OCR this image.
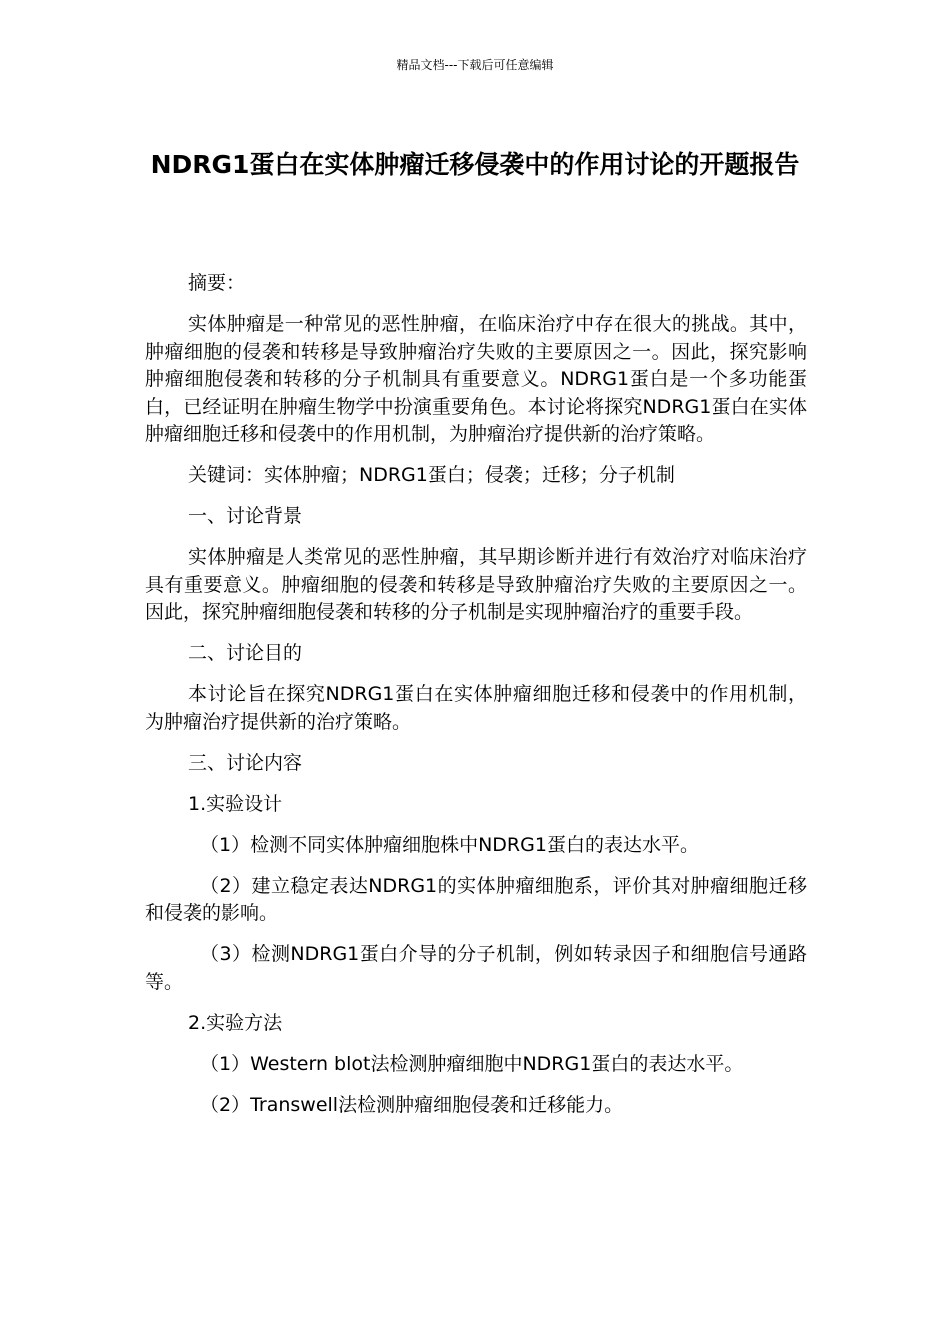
精品文档---下载后可任意编辑
NDRG1蛋白在实体肿瘤迁移侵袭中的作用讨论的开题报告

摘要：

实体肿瘤是一种常见的恶性肿瘤，在临床治疗中存在很大的挑战。其中，肿瘤细胞的侵袭和转移是导致肿瘤治疗失败的主要原因之一。因此，探究影响肿瘤细胞侵袭和转移的分子机制具有重要意义。NDRG1蛋白是一个多功能蛋白，已经证明在肿瘤生物学中扮演重要角色。本讨论将探究NDRG1蛋白在实体肿瘤细胞迁移和侵袭中的作用机制，为肿瘤治疗提供新的治疗策略。

关键词：实体肿瘤；NDRG1蛋白；侵袭；迁移；分子机制

一、讨论背景

实体肿瘤是人类常见的恶性肿瘤，其早期诊断并进行有效治疗对临床治疗具有重要意义。肿瘤细胞的侵袭和转移是导致肿瘤治疗失败的主要原因之一。因此，探究肿瘤细胞侵袭和转移的分子机制是实现肿瘤治疗的重要手段。

二、讨论目的

本讨论旨在探究NDRG1蛋白在实体肿瘤细胞迁移和侵袭中的作用机制，为肿瘤治疗提供新的治疗策略。

三、讨论内容

1.实验设计

（1）检测不同实体肿瘤细胞株中NDRG1蛋白的表达水平。

（2）建立稳定表达NDRG1的实体肿瘤细胞系，评价其对肿瘤细胞迁移和侵袭的影响。

（3）检测NDRG1蛋白介导的分子机制，例如转录因子和细胞信号通路等。

2.实验方法

（1）Western blot法检测肿瘤细胞中NDRG1蛋白的表达水平。

（2）Transwell法检测肿瘤细胞侵袭和迁移能力。
